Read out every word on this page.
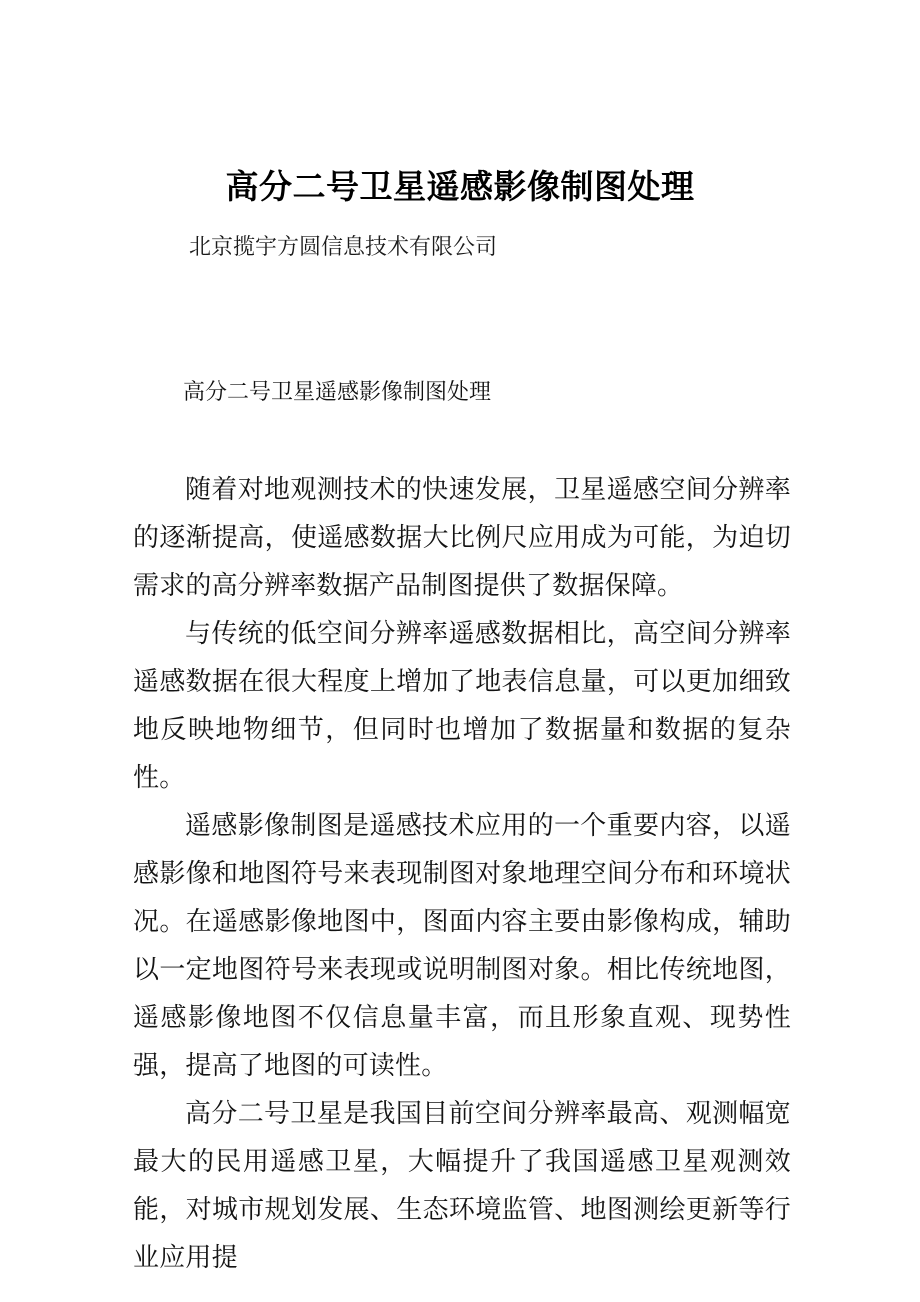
高分二号卫星遥感影像制图处理
北京揽宇方圆信息技术有限公司
高分二号卫星遥感影像制图处理

随着对地观测技术的快速发展，卫星遥感空间分辨率的逐渐提高，使遥感数据大比例尺应用成为可能，为迫切需求的高分辨率数据产品制图提供了数据保障。

与传统的低空间分辨率遥感数据相比，高空间分辨率遥感数据在很大程度上增加了地表信息量，可以更加细致地反映地物细节，但同时也增加了数据量和数据的复杂性。

遥感影像制图是遥感技术应用的一个重要内容，以遥感影像和地图符号来表现制图对象地理空间分布和环境状况。在遥感影像地图中，图面内容主要由影像构成，辅助以一定地图符号来表现或说明制图对象。相比传统地图，遥感影像地图不仅信息量丰富，而且形象直观、现势性强，提高了地图的可读性。

高分二号卫星是我国目前空间分辨率最高、观测幅宽最大的民用遥感卫星，大幅提升了我国遥感卫星观测效能，对城市规划发展、生态环境监管、地图测绘更新等行业应用提
